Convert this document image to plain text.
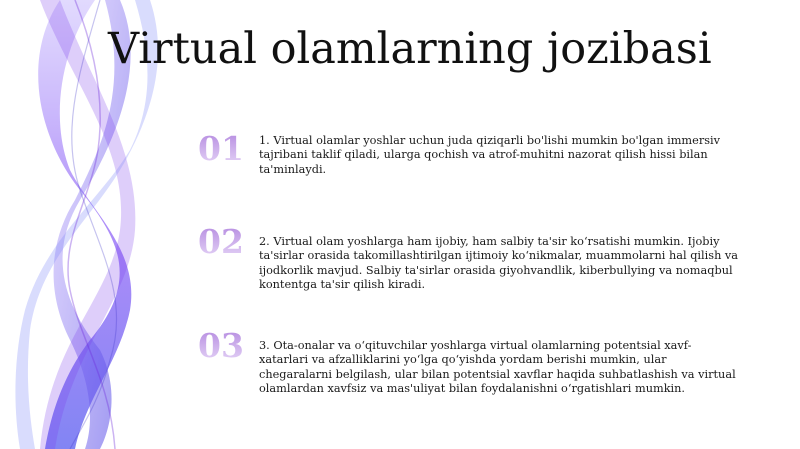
Virtual olamlarning jozibasi
01	1. Virtual olamlar yoshlar uchun juda qiziqarli bo'lishi mumkin bo'lgan immersiv tajribani taklif qiladi, ularga qochish va atrof-muhitni nazorat qilish hissi bilan ta'minlaydi.
02	2. Virtual olam yoshlarga ham ijobiy, ham salbiy ta'sir ko‘rsatishi mumkin. Ijobiy ta'sirlar orasida takomillashtirilgan ijtimoiy ko‘nikmalar, muammolarni hal qilish va ijodkorlik mavjud. Salbiy ta'sirlar orasida giyohvandlik, kiberbullying va nomaqbul kontentga ta'sir qilish kiradi.
03	3. Ota-onalar va o‘qituvchilar yoshlarga virtual olamlarning potentsial xavf-xatarlari va afzalliklarini yo‘lga qo‘yishda yordam berishi mumkin, ular chegaralarni belgilash, ular bilan potentsial xavflar haqida suhbatlashish va virtual olamlardan xavfsiz va mas'uliyat bilan foydalanishni o‘rgatishlari mumkin.
